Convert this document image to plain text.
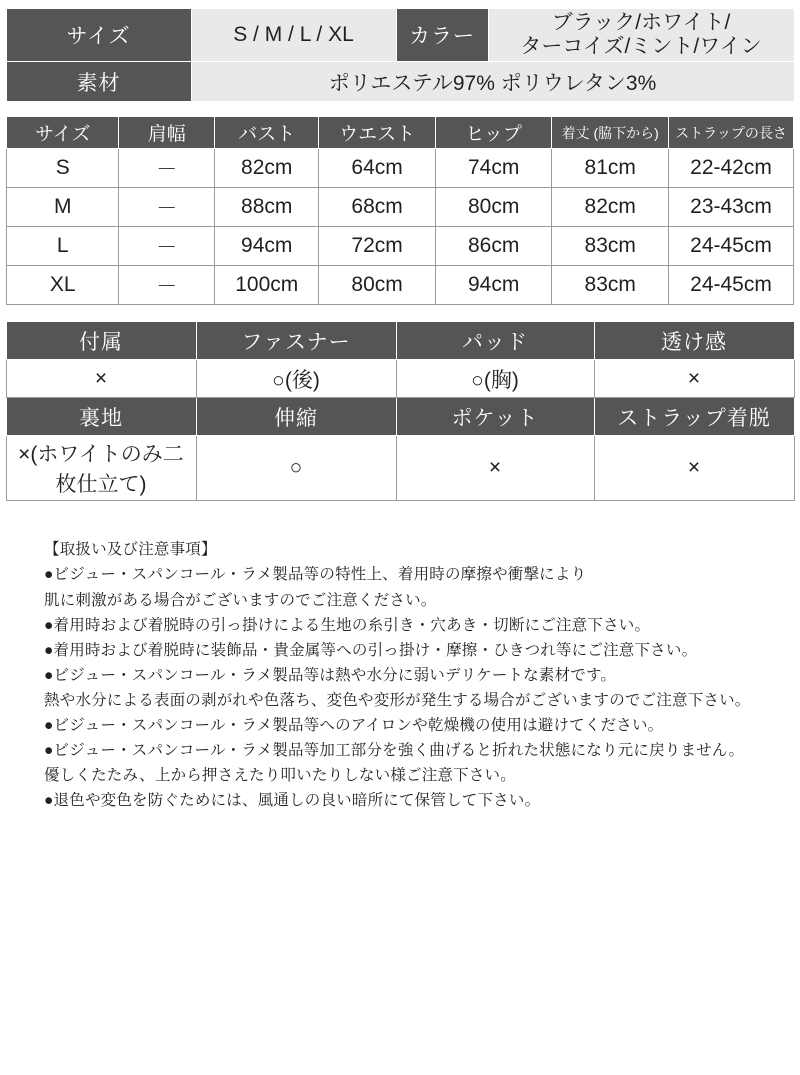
サイズ	S / M / L / XL	カラー	ブラック/ホワイト/
ターコイズ/ミント/ワイン

素材	ポリエステル97% ポリウレタン3%		
サイズ	肩幅	バスト	ウエスト	ヒップ	着丈 (脇下から)	ストラップの長さ
S	－	82cm	64cm	74cm	81cm	22-42cm
M	－	88cm	68cm	80cm	82cm	23-43cm
L	－	94cm	72cm	86cm	83cm	24-45cm
XL	－	100cm	80cm	94cm	83cm	24-45cm
付属	ファスナー	パッド	透け感
×	○(後)	○(胸)	×
裏地	伸縮	ポケット	ストラップ着脱
×(ホワイトのみ二枚仕立て)	○	×	×
【取扱い及び注意事項】
●ビジュー・スパンコール・ラメ製品等の特性上、着用時の摩擦や衝撃により
肌に刺激がある場合がございますのでご注意ください。
●着用時および着脱時の引っ掛けによる生地の糸引き・穴あき・切断にご注意下さい。
●着用時および着脱時に装飾品・貴金属等への引っ掛け・摩擦・ひきつれ等にご注意下さい。
●ビジュー・スパンコール・ラメ製品等は熱や水分に弱いデリケートな素材です。
熱や水分による表面の剥がれや色落ち、変色や変形が発生する場合がございますのでご注意下さい。
●ビジュー・スパンコール・ラメ製品等へのアイロンや乾燥機の使用は避けてください。
●ビジュー・スパンコール・ラメ製品等加工部分を強く曲げると折れた状態になり元に戻りません。
優しくたたみ、上から押さえたり叩いたりしない様ご注意下さい。
●退色や変色を防ぐためには、風通しの良い暗所にて保管して下さい。
